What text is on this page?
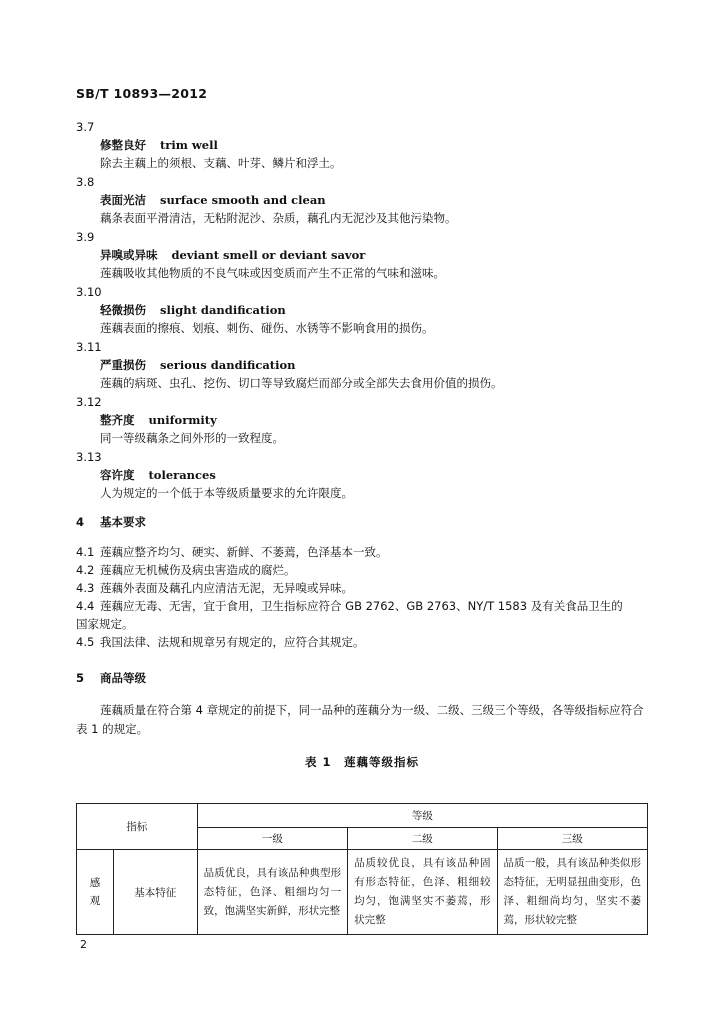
SB/T 10893—2012
3.7
修整良好 trim well
除去主藕上的须根、支藕、叶芽、鳞片和浮土。
3.8
表面光洁 surface smooth and clean
藕条表面平滑清洁，无粘附泥沙、杂质，藕孔内无泥沙及其他污染物。
3.9
异嗅或异味 deviant smell or deviant savor
莲藕吸收其他物质的不良气味或因变质而产生不正常的气味和滋味。
3.10
轻微损伤 slight dandification
莲藕表面的擦痕、划痕、刺伤、碰伤、水锈等不影响食用的损伤。
3.11
严重损伤 serious dandification
莲藕的病斑、虫孔、挖伤、切口等导致腐烂而部分或全部失去食用价值的损伤。
3.12
整齐度 uniformity
同一等级藕条之间外形的一致程度。
3.13
容许度 tolerances
人为规定的一个低于本等级质量要求的允许限度。
4 基本要求
4.1 莲藕应整齐均匀、硬实、新鲜、不萎蔫，色泽基本一致。
4.2 莲藕应无机械伤及病虫害造成的腐烂。
4.3 莲藕外表面及藕孔内应清洁无泥，无异嗅或异味。
4.4 莲藕应无毒、无害，宜于食用，卫生指标应符合 GB 2762、GB 2763、NY/T 1583 及有关食品卫生的
国家规定。
4.5 我国法律、法规和规章另有规定的，应符合其规定。
5 商品等级
莲藕质量在符合第 4 章规定的前提下，同一品种的莲藕分为一级、二级、三级三个等级，各等级指标应符合表 1 的规定。
表 1　莲藕等级指标
指标		等级		
		一级	二级	三级
感观	基本特征	品质优良，具有该品种典型形态特征，色泽、粗细均匀一致，饱满坚实新鲜，形状完整	品质较优良，具有该品种固有形态特征，色泽、粗细较均匀，饱满坚实不萎蔫，形状完整	品质一般，具有该品种类似形态特征，无明显扭曲变形，色泽、粗细尚均匀，坚实不萎蔫，形状较完整
2
